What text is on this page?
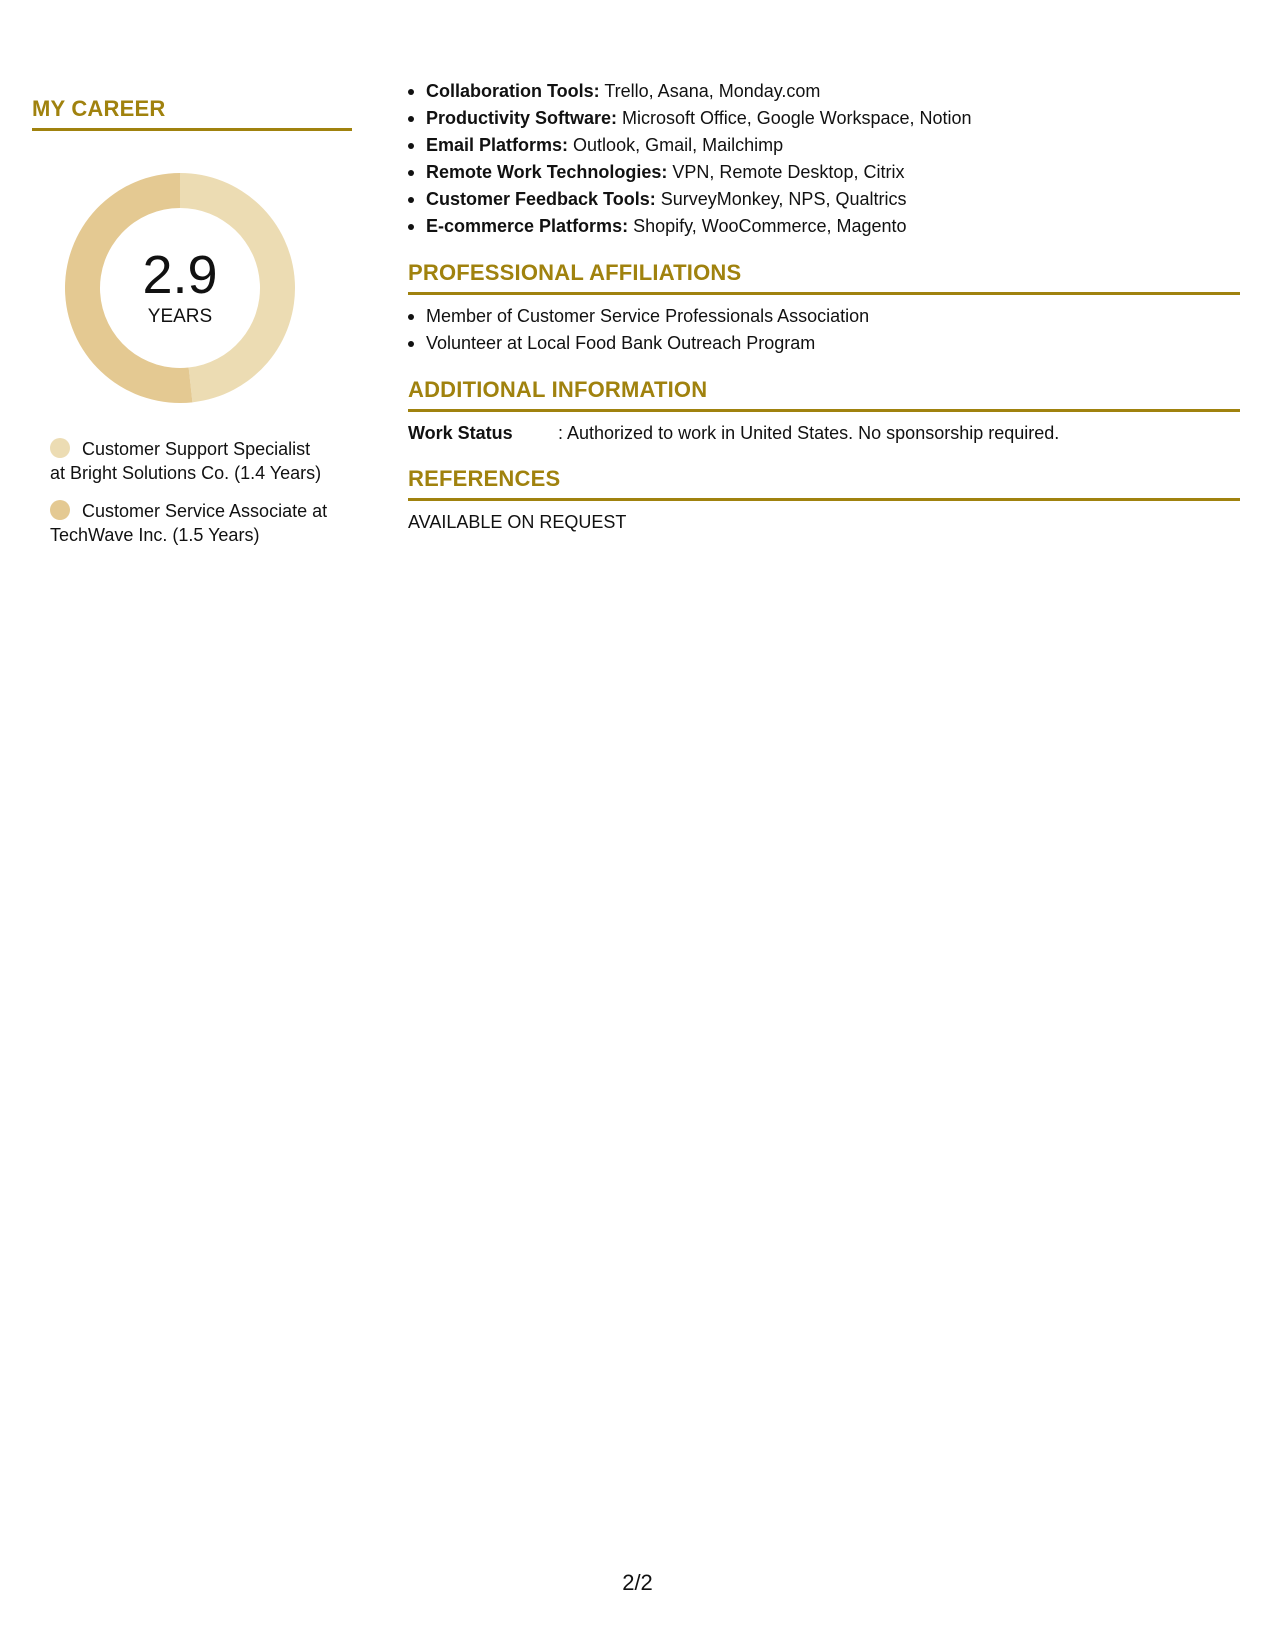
MY CAREER
2.9
YEARS
Customer Support Specialist at Bright Solutions Co. (1.4 Years)
Customer Service Associate at TechWave Inc. (1.5 Years)
Collaboration Tools: Trello, Asana, Monday.com
Productivity Software: Microsoft Office, Google Workspace, Notion
Email Platforms: Outlook, Gmail, Mailchimp
Remote Work Technologies: VPN, Remote Desktop, Citrix
Customer Feedback Tools: SurveyMonkey, NPS, Qualtrics
E-commerce Platforms: Shopify, WooCommerce, Magento
PROFESSIONAL AFFILIATIONS
Member of Customer Service Professionals Association
Volunteer at Local Food Bank Outreach Program
ADDITIONAL INFORMATION
Work Status	: Authorized to work in United States. No sponsorship required.
REFERENCES
AVAILABLE ON REQUEST
2/2
